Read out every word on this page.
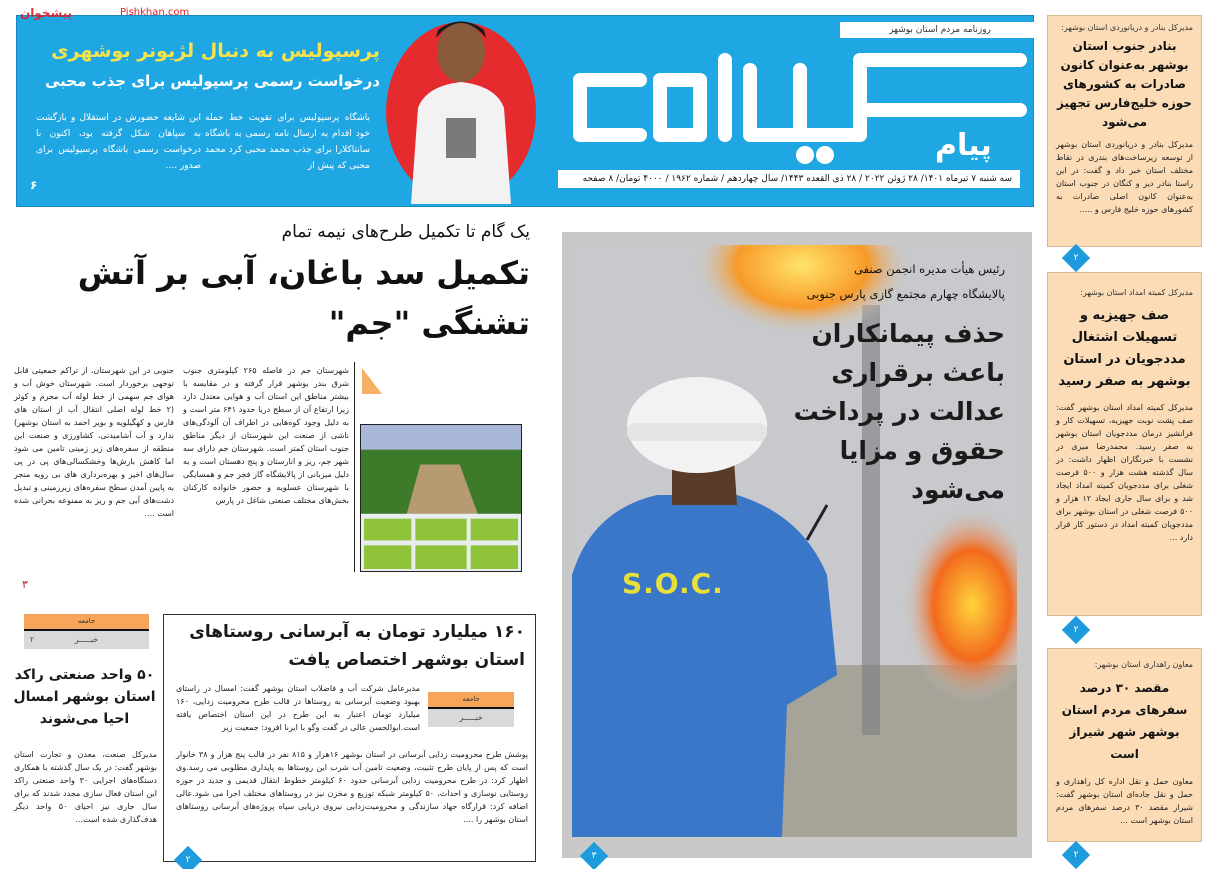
روزنامه مردم استان بوشهر
پیام
سه شنبه ۷ تیرماه ۱۴۰۱/ ۲۸ ژوئن ۲۰۲۲ / ۲۸ ذی القعده ۱۴۴۳/ سال چهاردهم / شماره ۱۹۶۲ / ۴۰۰۰ تومان/ ۸ صفحه
پرسپولیس به دنبال لژیونر بوشهری
درخواست رسمی پرسپولیس برای جذب محبی
باشگاه پرسپولیس برای تقویت خط حمله خود اقدام به ارسال نامه رسمی به باشگاه سانتاکلارا برای جذب محمد محبی کرد محمد محبی که پیش از
این شایعه حضورش در استقلال و بازگشت به سپاهان شکل گرفته بود، اکنون با درخواست رسمی باشگاه پرسپولیس برای صدور ....
۶
پیشخوان	Pishkhan.com
مدیرکل بنادر و دریانوردی استان بوشهر:
بنادر جنوب استان بوشهر به‌عنوان کانون صادرات به کشورهای حوزه خلیج‌فارس تجهیز می‌شود
مدیرکل بنادر و دریانوردی استان بوشهر از توسعه زیرساخت‌های بندری در نقاط مختلف استان خبر داد و گفت: در این راستا بنادر دیر و کنگان در جنوب استان به‌عنوان کانون اصلی صادرات به کشورهای حوزه خلیج فارس و .....
۲
مدیرکل کمیته امداد استان بوشهر:
صف جهیزیه و تسهیلات اشتغال مددجویان در استان بوشهر به صفر رسید
مدیرکل کمیته امداد استان بوشهر گفت: صف پشت نوبت جهیزیه، تسهیلات کار و فرانشیز درمان مددجویان استان بوشهر به صفر رسید. محمدرضا میری در نشست با خبرنگاران اظهار داشت: در سال گذشته هشت هزار و ۵۰۰ فرصت شغلی برای مددجویان کمیته امداد ایجاد شد و برای سال جاری ایجاد ۱۲ هزار و ۵۰۰ فرصت شغلی در استان بوشهر برای مددجویان کمیته امداد در دستور کار قرار دارد ...
۲
معاون راهداری استان بوشهر:
مقصد ۳۰ درصد سفرهای مردم استان بوشهر شهر شیراز است
معاون حمل و نقل اداره کل راهداری و حمل و نقل جاده‌ای استان بوشهر گفت: شیراز مقصد ۳۰ درصد سفرهای مردم استان بوشهر است ...
۲
یک گام تا تکمیل طرح‌های نیمه تمام
تکمیل سد باغان، آبی بر آتش تشنگی "جم"
شهرستان جم در فاصله ۲۶۵ کیلومتری جنوب شرق بندر بوشهر قرار گرفته و در مقایسه با بیشتر مناطق این استان آب و هوایی معتدل دارد زیرا ارتفاع آن از سطح دریا حدود ۶۴۱ متر است و به دلیل وجود کوه‌هایی در اطراف آن آلودگی‌های ناشی از صنعت این شهرستان از دیگر مناطق جنوب استان کمتر است. شهرستان جم دارای سه شهر جم، ریز و انارستان و پنج دهستان است و به دلیل میزبانی از پالایشگاه گاز فجر جم و همسایگی با شهرستان عسلویه و حضور خانواده کارکنان بخش‌های مختلف صنعتی شاغل در پارس
جنوبی در این شهرستان، از تراکم جمعیتی قابل توجهی برخوردار است. شهرستان خوش آب و هوای جم سهمی از خط لوله آب محرم و کوثر (۲ خط لوله اصلی انتقال آب از استان های فارس و کهگیلویه و بویر احمد به استان بوشهر) ندارد و آب آشامیدنی، کشاورزی و صنعت این منطقه از سفره‌های زیر زمینی تامین می شود اما کاهش بارش‌ها وخشکسالی‌های پی در پی سال‌های اخیر و بهره‌برداری های بی رویه منجر به پایین آمدن سطح سفره‌های زیرزمینی و تبدیل دشت‌های آبی جم و ریز به ممنوعه بحرانی شده است ....
۳
رئیس هیأت مدیره انجمن صنفی
پالایشگاه چهارم مجتمع گازی پارس جنوبی
حذف پیمانکاران باعث برقراری عدالت در پرداخت حقوق و مزایا می‌شود
S.O.C.
۳
۱۶۰ میلیارد تومان به آبرسانی روستاهای استان بوشهر اختصاص یافت
جامعه
خبـــــر
مدیرعامل شرکت آب و فاضلاب استان بوشهر گفت: امسال در راستای بهبود وضعیت آبرسانی به روستاها در قالب طرح محرومیت زدایی، ۱۶۰ میلیارد تومان اعتبار به این طرح در این استان اختصاص یافته است.ابوالحسن عالی در گفت وگو با ایرنا افزود: جمعیت زیر
پوشش طرح محرومیت زدایی آبرسانی در استان بوشهر ۱۶هزار و ۸۱۵ نفر در قالب پنج هزار و ۳۸ خانوار است که پس از پایان طرح تثبیت، وضعیت تامین آب شرب این روستاها به پایداری مطلوبی می رسد.وی اظهار کرد: در طرح محرومیت زدایی آبرسانی حدود ۶۰ کیلومتر خطوط انتقال قدیمی و جدید در حوزه روستایی نوسازی و احداث، ۵۰ کیلومتر شبکه توزیع و مخزن نیز در روستاهای مختلف اجرا می شود.عالی اضافه کرد: قرارگاه جهاد سازندگی و محرومیت‌زدایی نیروی دریایی سپاه پروژه‌های آبرسانی روستاهای استان بوشهر را ....
۲
جامعه
خبـــــر
۲
۵۰ واحد صنعتی راکد استان بوشهر امسال احیا می‌شوند
مدیرکل صنعت، معدن و تجارت استان بوشهر گفت: در یک سال گذشته با همکاری دستگاه‌های اجرایی ۳۰ واحد صنعتی راکد این استان فعال سازی مجدد شدند که برای سال جاری نیز احیای ۵۰ واحد دیگر هدف‌گذاری شده است...
